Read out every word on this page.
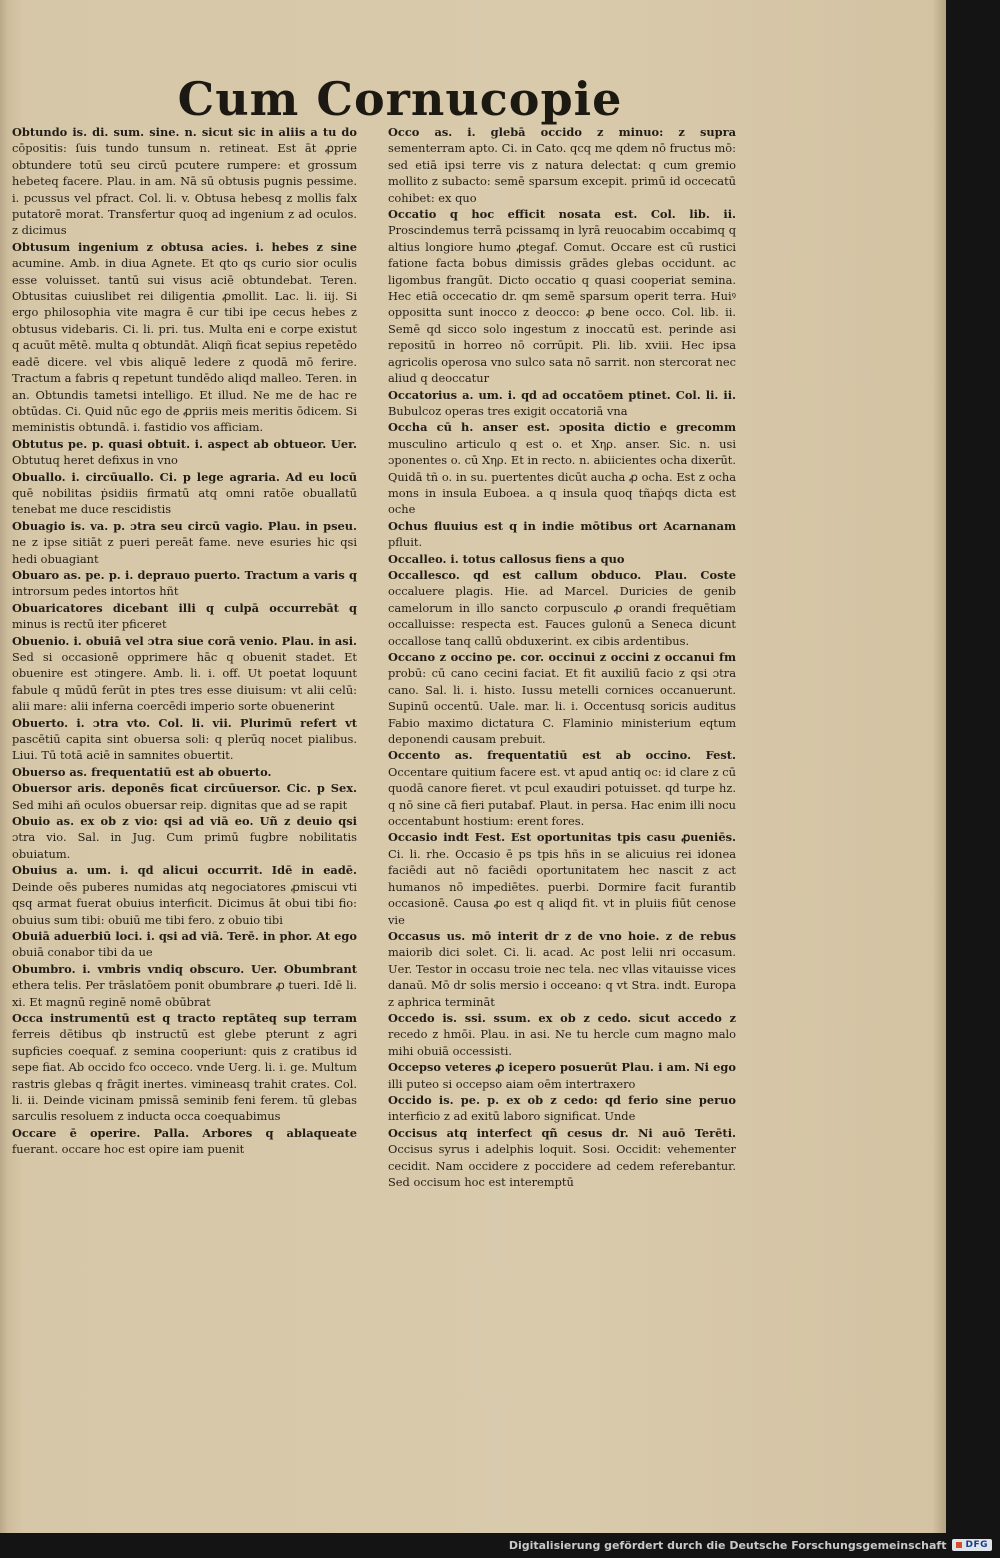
Cum Cornucopie

Obtundo is. di. sum. sine. n. sicut sic in aliis a tu do cōpositis: ſuis tundo tunsum n. retineat. Est āt ꝓprie obtundere totū seu circū pcutere rumpere: et grossum hebeteq facere. Plau. in am. Nā sū obtusis pugnis pessime. i. pcussus vel pfract. Col. li. v. Obtusa hebesq z mollis falx putatorē morat. Transfertur quoq ad ingenium z ad oculos. z dicimus

Obtusum ingenium z obtusa acies. i. hebes z sine acumine. Amb. in diua Agnete. Et qto qs curio sior oculis esse voluisset. tantū sui visus aciē obtundebat. Teren. Obtusitas cuiuslibet rei diligentia ꝓmollit. Lac. li. iij. Si ergo philosophia vite magra ē cur tibi ipe cecus hebes z obtusus videbaris. Ci. li. pri. tus. Multa eni e corpe existut q acuūt mētē. multa q obtundāt. Aliqñ ficat sepius repetēdo eadē dicere. vel vbis aliquē ledere z quodā mō ferire. Tractum a fabris q repetunt tundēdo aliqd malleo. Teren. in an. Obtundis tametsi intelligo. Et illud. Ne me de hac re obtūdas. Ci. Quid nūc ego de ꝓpriis meis meritis ōdicem. Si meministis obtundā. i. fastidio vos afficiam.

Obtutus pe. p. quasi obtuit. i. aspect ab obtueor. Uer. Obtutuq heret defixus in vno

Obuallo. i. circūuallo. Ci. p lege agraria. Ad eu locū quē nobilitas ṗsidiis firmatū atq omni ratōe obuallatū tenebat me duce rescidistis

Obuagio is. va. p. ɔtra seu circū vagio. Plau. in pseu. ne z ipse sitiāt z pueri pereāt fame. neve esuries hic qsi hedi obuagiant

Obuaro as. pe. p. i. deprauo puerto. Tractum a varis q introrsum pedes intortos hñt

Obuaricatores dicebant illi q culpā occurrebāt q minus is rectū iter pficeret

Obuenio. i. obuiā vel ɔtra siue corā venio. Plau. in asi. Sed si occasionē opprimere hāc q obuenit stadet. Et obuenire est ɔtingere. Amb. li. i. off. Ut poetat loquunt fabule q mūdū ferūt in ptes tres esse diuisum: vt alii celū: alii mare: alii inferna coercēdi imperio sorte obuenerint

Obuerto. i. ɔtra vto. Col. li. vii. Plurimū refert vt pascētiū capita sint obuersa soli: q plerūq nocet pialibus. Liui. Tū totā aciē in samnites obuertit.

Obuerso as. frequentatiū est ab obuerto.

Obuersor aris. deponēs ficat circūuersor. Cic. p Sex. Sed mihi añ oculos obuersar reip. dignitas que ad se rapit

Obuio as. ex ob z vio: qsi ad viā eo. Uñ z deuio qsi ɔtra vio. Sal. in Jug. Cum primū fugbre nobilitatis obuiatum.

Obuius a. um. i. qd alicui occurrit. Idē in eadē. Deinde oēs puberes numidas atq negociatores ꝓmiscui vti qsq armat fuerat obuius interficit. Dicimus āt obui tibi fio: obuius sum tibi: obuiū me tibi fero. z obuio tibi

Obuiā aduerbiū loci. i. qsi ad viā. Terē. in phor. At ego obuiā conabor tibi da ue

Obumbro. i. vmbris vndiq obscuro. Uer. Obumbrant ethera telis. Per trāslatōem ponit obumbrare ꝓ tueri. Idē li. xi. Et magnū reginē nomē obūbrat

Occa instrumentū est q tracto reptāteq sup terram ferreis dētibus qb instructū est glebe pterunt z agri supficies coequaf. z semina cooperiunt: quis z cratibus id sepe fiat. Ab occido fco occeco. vnde Uerg. li. i. ge. Multum rastris glebas q frāgit inertes. vimineasq trahit crates. Col. li. ii. Deinde vicinam pmissā seminib feni ferem. tū glebas sarculis resoluem z inducta occa coequabimus

Occare ē operire. Palla. Arbores q ablaqueate fuerant. occare hoc est opire iam puenit

Occo as. i. glebā occido z minuo: z supra sementerram apto. Ci. in Cato. qcq me qdem nō fructus mō: sed etiā ipsi terre vis z natura delectat: q cum gremio mollito z subacto: semē sparsum excepit. primū id occecatū cohibet: ex quo

Occatio q hoc efficit nosata est. Col. lib. ii. Proscindemus terrā pcissamq in lyrā reuocabim occabimq q altius longiore humo ꝓtegaf. Comut. Occare est cū rustici fatione facta bobus dimissis grādes glebas occidunt. ac ligombus frangūt. Dicto occatio q quasi cooperiat semina. Hec etiā occecatio dr. qm semē sparsum operit terra. Huiꝰ oppositta sunt inocco z deocco: ꝓ bene occo. Col. lib. ii. Semē qd sicco solo ingestum z inoccatū est. perinde asi repositū in horreo nō corrūpit. Pli. lib. xviii. Hec ipsa agricolis operosa vno sulco sata nō sarrit. non stercorat nec aliud q deoccatur

Occatorius a. um. i. qd ad occatōem ptinet. Col. li. ii. Bubulcoz operas tres exigit occatoriā vna

Occha cū h. anser est. ɔposita dictio e grecomm musculino articulo q est o. et Xηρ. anser. Sic. n. usi ɔponentes o. cū Xηρ. Et in recto. n. abiicientes ocha dixerūt. Quidā tñ o. in su. puertentes dicūt aucha ꝓ ocha. Est z ocha mons in insula Euboea. a q insula quoq tñaṗqs dicta est oche

Ochus fluuius est q in indie mōtibus ort Acarnanam pfluit.

Occalleo. i. totus callosus fiens a quo

Occallesco. qd est callum obduco. Plau. Coste occaluere plagis. Hie. ad Marcel. Duricies de genib camelorum in illo sancto corpusculo ꝓ orandi frequētiam occalluisse: respecta est. Fauces gulonū a Seneca dicunt occallose tanq callū obduxerint. ex cibis ardentibus.

Occano z occino pe. cor. occinui z occini z occanui fm probū: cū cano cecini faciat. Et fit auxiliū facio z qsi ɔtra cano. Sal. li. i. histo. Iussu metelli cornices occanuerunt. Supinū occentū. Uale. mar. li. i. Occentusq soricis auditus Fabio maximo dictatura C. Flaminio ministerium eqtum deponendi causam prebuit.

Occento as. frequentatiū est ab occino. Fest. Occentare quitium facere est. vt apud antiq oc: id clare z cū quodā canore fieret. vt pcul exaudiri potuisset. qd turpe hz. q nō sine cā fieri putabaf. Plaut. in persa. Hac enim illi nocu occentabunt hostium: erent fores.

Occasio indt Fest. Est oportunitas tpis casu ꝓueniēs. Ci. li. rhe. Occasio ē ps tpis hñs in se alicuius rei idonea faciēdi aut nō faciēdi oportunitatem hec nascit z act humanos nō impediētes. puerbi. Dormire facit furantib occasionē. Causa ꝓo est q aliqd fit. vt in pluiis fiūt cenose vie

Occasus us. mō interit dr z de vno hoie. z de rebus maiorib dici solet. Ci. li. acad. Ac post lelii nri occasum. Uer. Testor in occasu troie nec tela. nec vllas vitauisse vices danaū. Mō dr solis mersio i occeano: q vt Stra. indt. Europa z aphrica termināt

Occedo is. ssi. ssum. ex ob z cedo. sicut accedo z recedo z hmōi. Plau. in asi. Ne tu hercle cum magno malo mihi obuiā occessisti.

Occepso veteres ꝓ icepero posuerūt Plau. i am. Ni ego illi puteo si occepso aiam oēm intertraxero

Occido is. pe. p. ex ob z cedo: qd ferio sine peruo interficio z ad exitū laboro significat. Unde

Occisus atq interfect qñ cesus dr. Ni auō Terēti. Occisus syrus i adelphis loquit. Sosi. Occidit: vehementer cecidit. Nam occidere z poccidere ad cedem referebantur. Sed occisum hoc est interemptū

Digitalisierung gefördert durch die Deutsche Forschungsgemeinschaft	DFG
